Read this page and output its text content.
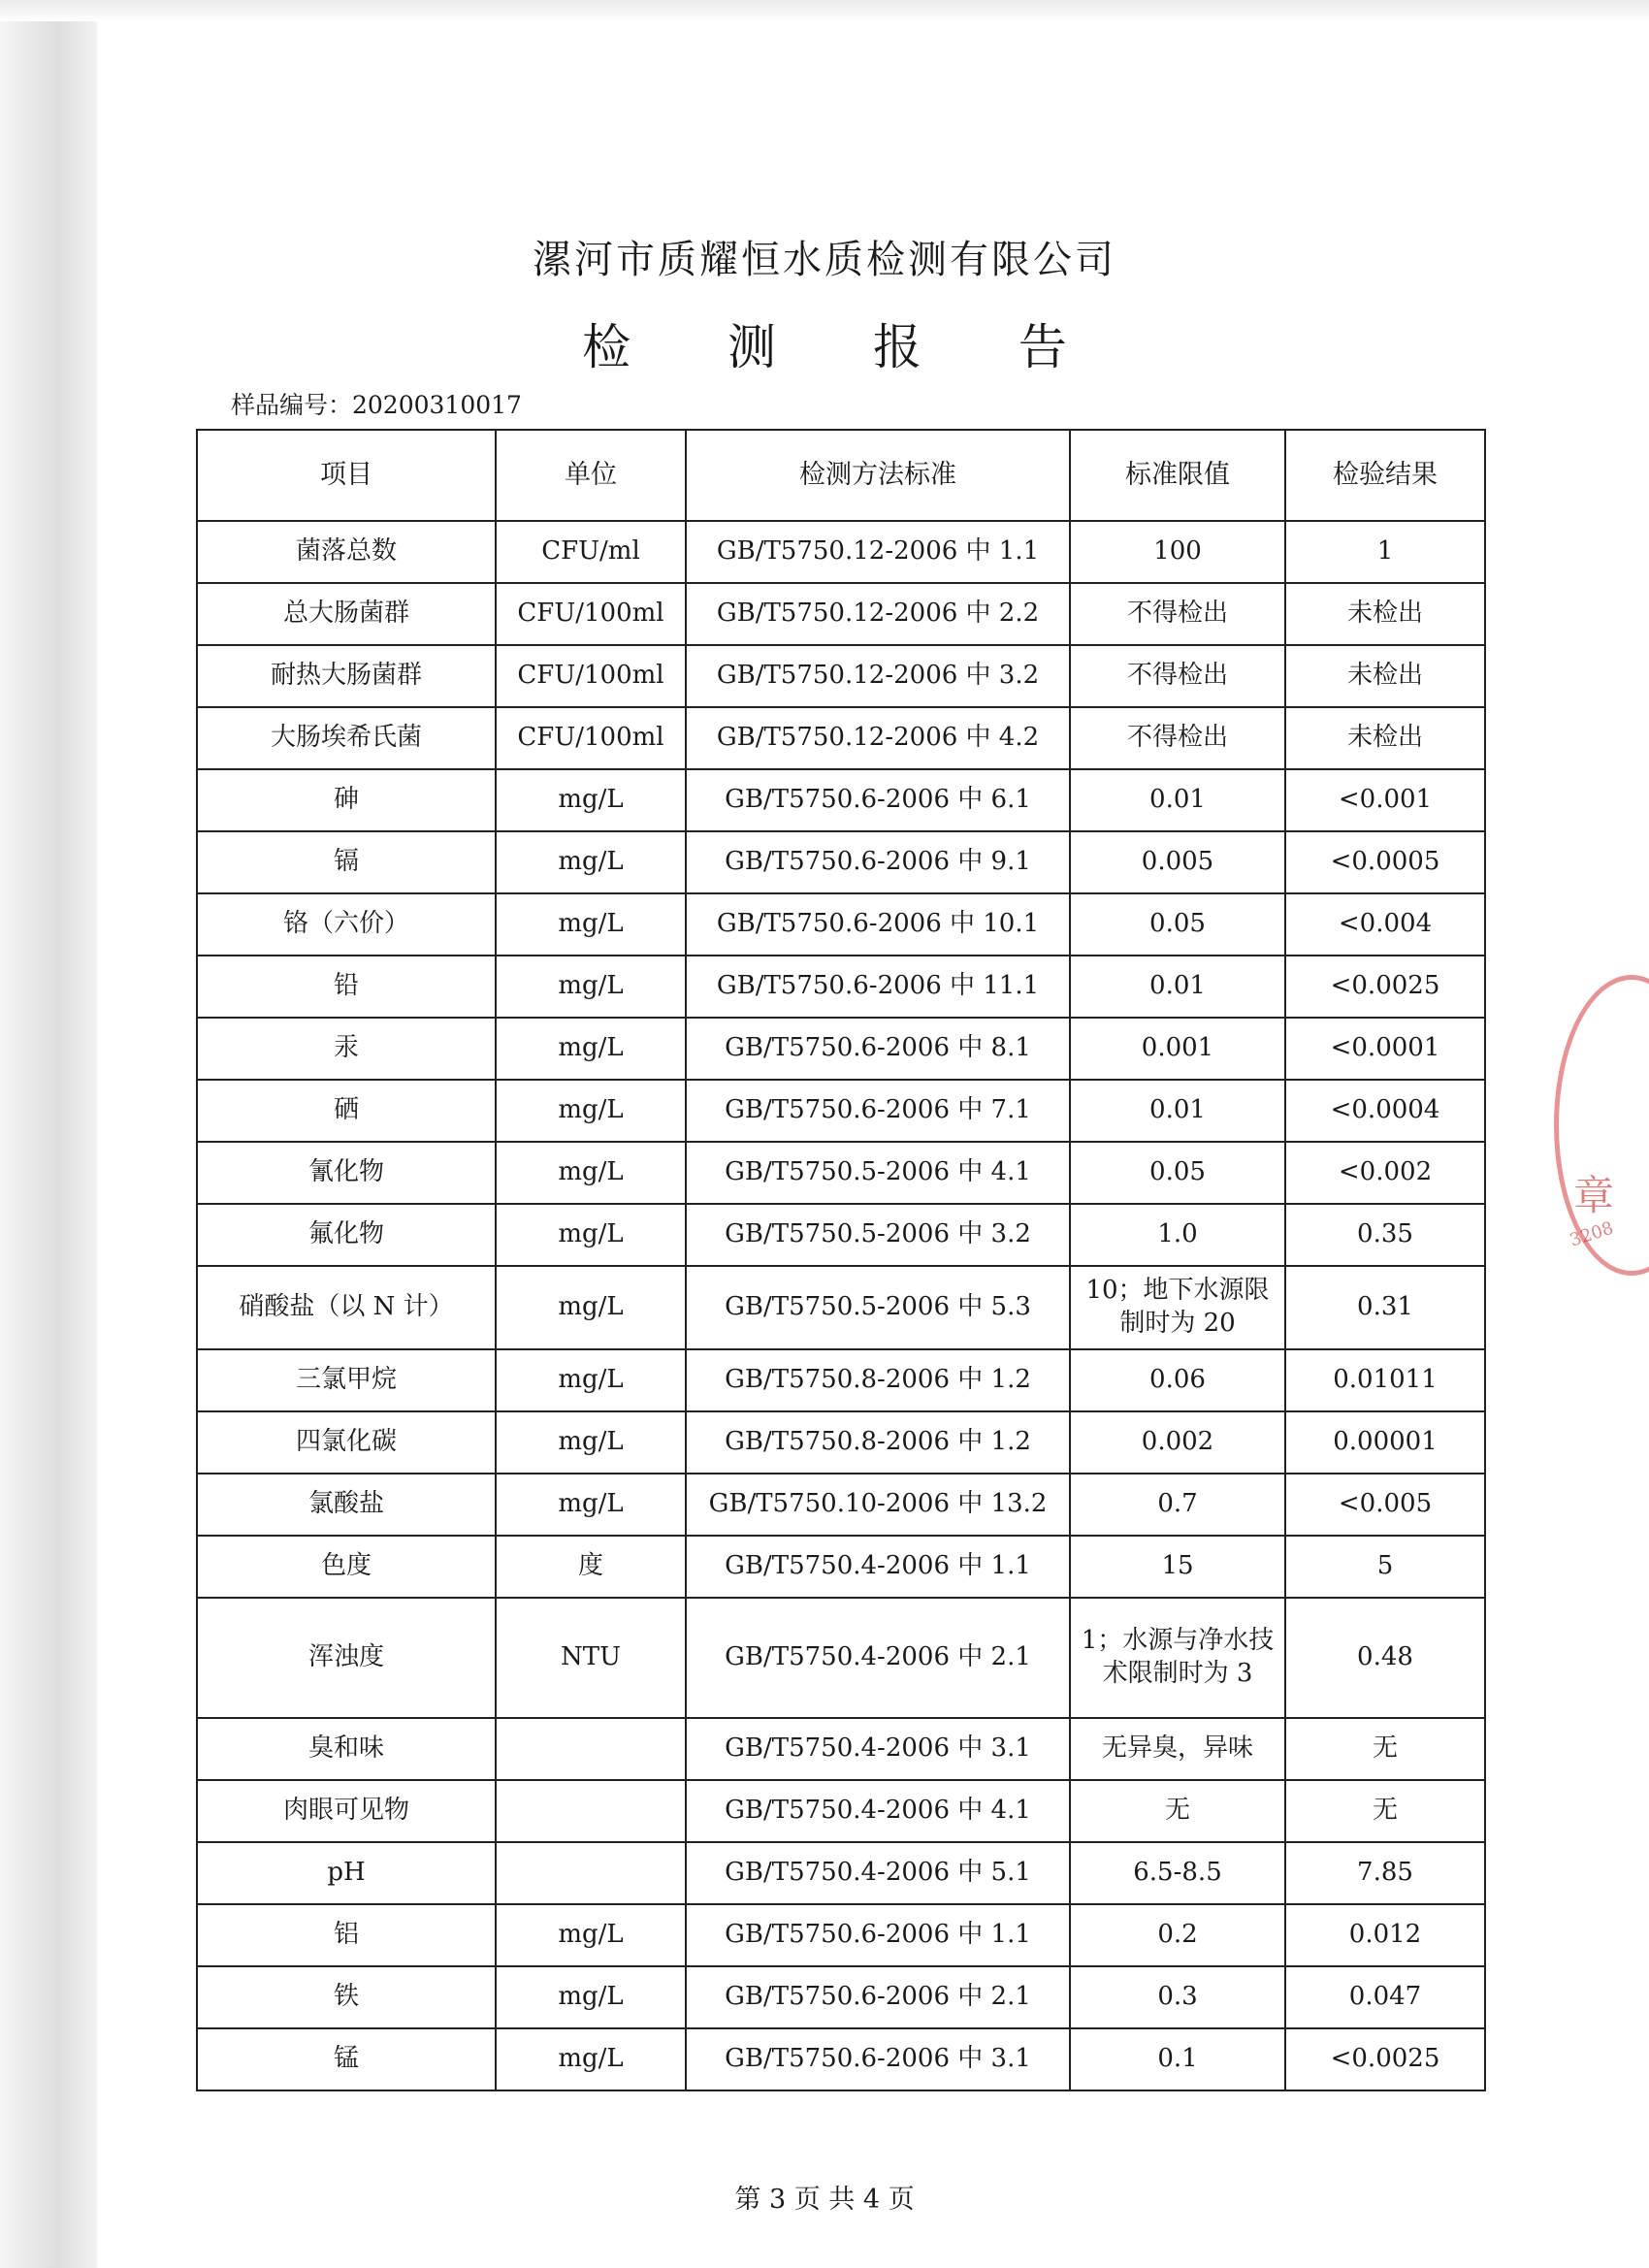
漯河市质耀恒水质检测有限公司
检 测 报 告
样品编号：20200310017
项目	单位	检测方法标准	标准限值	检验结果
菌落总数	CFU/ml	GB/T5750.12-2006 中 1.1	100	1
总大肠菌群	CFU/100ml	GB/T5750.12-2006 中 2.2	不得检出	未检出
耐热大肠菌群	CFU/100ml	GB/T5750.12-2006 中 3.2	不得检出	未检出
大肠埃希氏菌	CFU/100ml	GB/T5750.12-2006 中 4.2	不得检出	未检出
砷	mg/L	GB/T5750.6-2006 中 6.1	0.01	<0.001
镉	mg/L	GB/T5750.6-2006 中 9.1	0.005	<0.0005
铬（六价）	mg/L	GB/T5750.6-2006 中 10.1	0.05	<0.004
铅	mg/L	GB/T5750.6-2006 中 11.1	0.01	<0.0025
汞	mg/L	GB/T5750.6-2006 中 8.1	0.001	<0.0001
硒	mg/L	GB/T5750.6-2006 中 7.1	0.01	<0.0004
氰化物	mg/L	GB/T5750.5-2006 中 4.1	0.05	<0.002
氟化物	mg/L	GB/T5750.5-2006 中 3.2	1.0	0.35
硝酸盐（以 N 计）	mg/L	GB/T5750.5-2006 中 5.3	10；地下水源限制时为 20	0.31
三氯甲烷	mg/L	GB/T5750.8-2006 中 1.2	0.06	0.01011
四氯化碳	mg/L	GB/T5750.8-2006 中 1.2	0.002	0.00001
氯酸盐	mg/L	GB/T5750.10-2006 中 13.2	0.7	<0.005
色度	度	GB/T5750.4-2006 中 1.1	15	5
浑浊度	NTU	GB/T5750.4-2006 中 2.1	1；水源与净水技术限制时为 3	0.48
臭和味		GB/T5750.4-2006 中 3.1	无异臭，异味	无
肉眼可见物		GB/T5750.4-2006 中 4.1	无	无
pH		GB/T5750.4-2006 中 5.1	6.5-8.5	7.85
铝	mg/L	GB/T5750.6-2006 中 1.1	0.2	0.012
铁	mg/L	GB/T5750.6-2006 中 2.1	0.3	0.047
锰	mg/L	GB/T5750.6-2006 中 3.1	0.1	<0.0025
章
3208
第 3 页 共 4 页
